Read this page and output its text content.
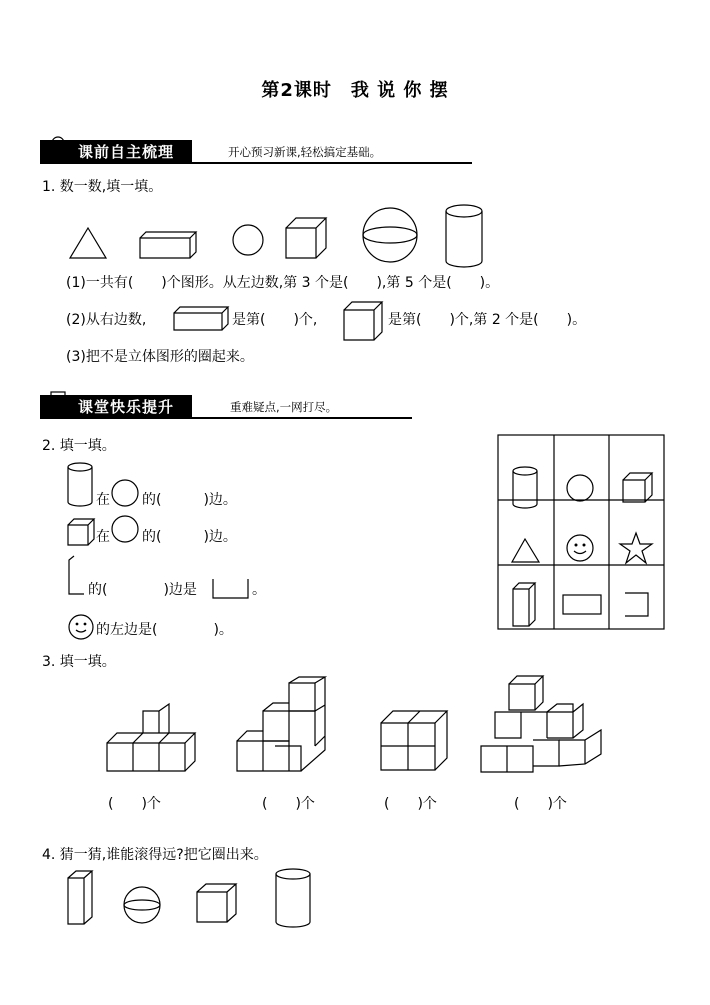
第2课时　我 说 你 摆
课前自主梳理	开心预习新课,轻松搞定基础。
1. 数一数,填一填。
(1)一共有(　　)个图形。从左边数,第 3 个是(　　),第 5 个是(　　)。
(2)从右边数,	是第(　　)个,	是第(　　)个,第 2 个是(　　)。
(3)把不是立体图形的圈起来。
课堂快乐提升	重难疑点,一网打尽。
2. 填一填。
在 的(　　　)边。
在 的(　　　)边。
的(　　　　)边是	。
的左边是(　　　　)。
3. 填一填。
(　　)个	(　　)个	(　　)个	(　　)个
4. 猜一猜,谁能滚得远?把它圈出来。
